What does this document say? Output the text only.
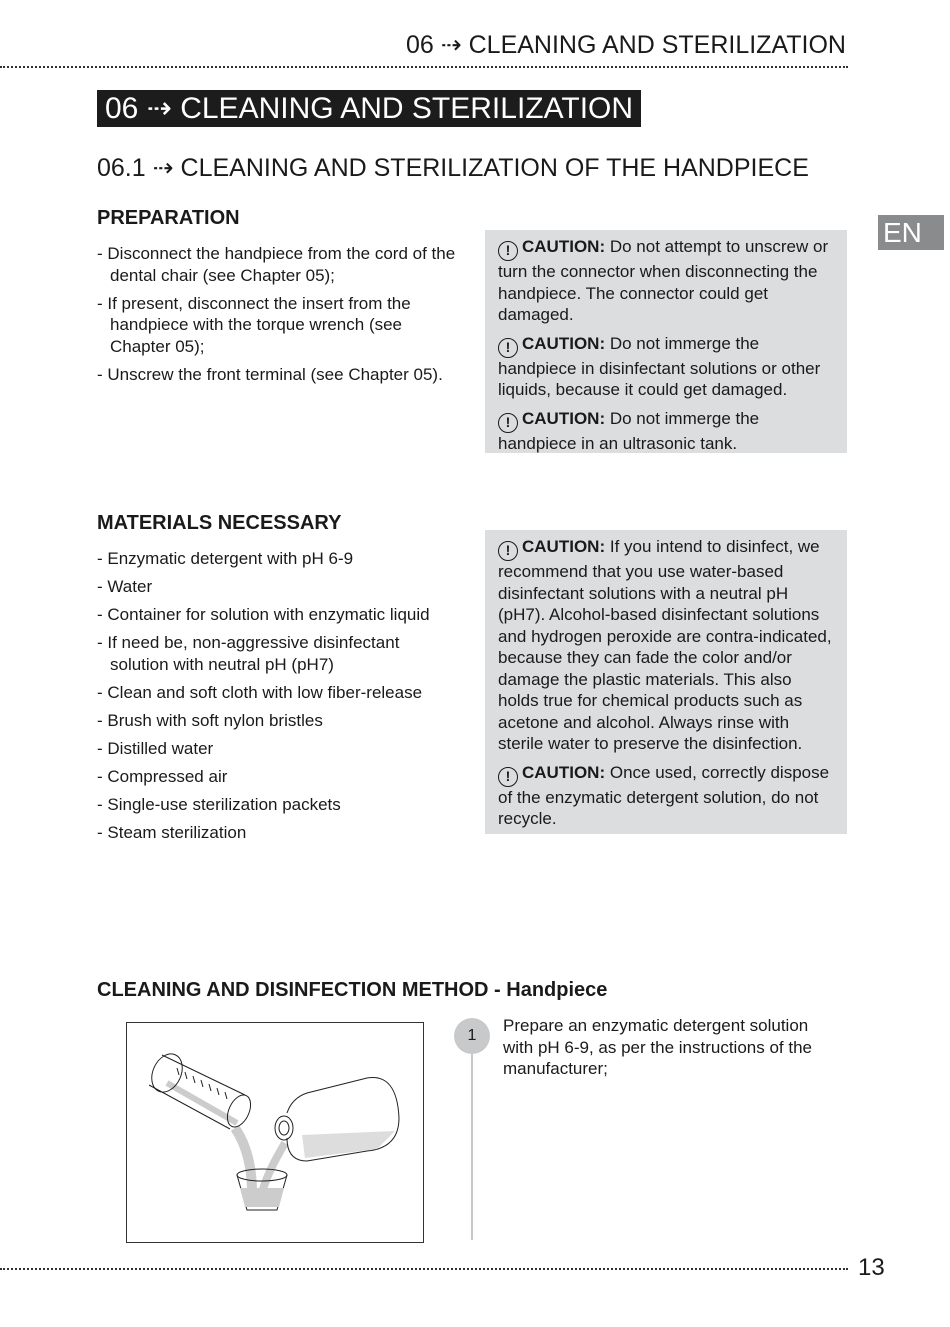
06 ⇢ CLEANING AND STERILIZATION
06 ⇢ CLEANING AND STERILIZATION
06.1 ⇢ CLEANING AND STERILIZATION OF THE HANDPIECE
EN
PREPARATION
- Disconnect the handpiece from the cord of the dental chair (see Chapter 05);
- If present, disconnect the insert from the handpiece with the torque wrench (see Chapter 05);
- Unscrew the front terminal (see Chapter 05).

! CAUTION: Do not attempt to unscrew or turn the connector when disconnecting the handpiece. The connector could get damaged.

! CAUTION: Do not immerge the handpiece in disinfectant solutions or other liquids, because it could get damaged.

! CAUTION: Do not immerge the handpiece in an ultrasonic tank.

MATERIALS NECESSARY
- Enzymatic detergent with pH 6-9
- Water
- Container for solution with enzymatic liquid
- If need be, non-aggressive disinfectant solution with neutral pH (pH7)
- Clean and soft cloth with low fiber-release
- Brush with soft nylon bristles
- Distilled water
- Compressed air
- Single-use sterilization packets
- Steam sterilization

! CAUTION: If you intend to disinfect, we recommend that you use water-based disinfectant solutions with a neutral pH (pH7). Alcohol-based disinfectant solutions and hydrogen peroxide are contra-indicated, because they can fade the color and/or damage the plastic materials. This also holds true for chemical products such as acetone and alcohol. Always rinse with sterile water to preserve the disinfection.

! CAUTION: Once used, correctly dispose of the enzymatic detergent solution, do not recycle.

CLEANING AND DISINFECTION METHOD - Handpiece
1
Prepare an enzymatic detergent solution with pH 6-9, as per the instructions of the manufacturer;
13
